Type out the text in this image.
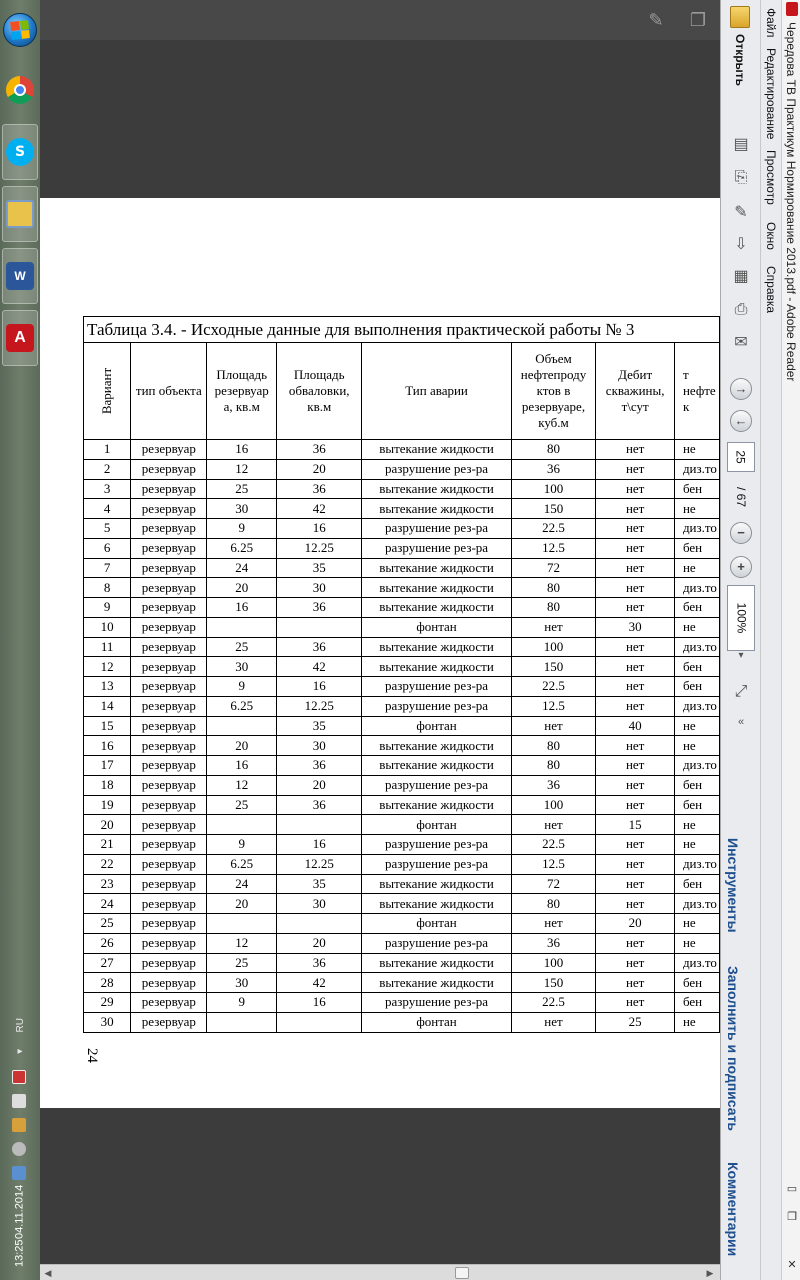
S
W
A
RU
▸
13:25
04.11.2014
✎ ❐
Таблица 3.4. - Исходные данные для выполнения практической работы № 3							
Вариант	тип объекта	Площадь резервуар а, кв.м	Площадь обваловки, кв.м	Тип аварии	Объем нефтепроду ктов в резервуаре, куб.м	Дебит скважины, т\сут	т нефте к
1	резервуар	16	36	вытекание жидкости	80	нет	не
2	резервуар	12	20	разрушение рез-ра	36	нет	диз.то
3	резервуар	25	36	вытекание жидкости	100	нет	бен
4	резервуар	30	42	вытекание жидкости	150	нет	не
5	резервуар	9	16	разрушение рез-ра	22.5	нет	диз.то
6	резервуар	6.25	12.25	разрушение рез-ра	12.5	нет	бен
7	резервуар	24	35	вытекание жидкости	72	нет	не
8	резервуар	20	30	вытекание жидкости	80	нет	диз.то
9	резервуар	16	36	вытекание жидкости	80	нет	бен
10	резервуар			фонтан	нет	30	не
11	резервуар	25	36	вытекание жидкости	100	нет	диз.то
12	резервуар	30	42	вытекание жидкости	150	нет	бен
13	резервуар	9	16	разрушение рез-ра	22.5	нет	бен
14	резервуар	6.25	12.25	разрушение рез-ра	12.5	нет	диз.то
15	резервуар		35	фонтан	нет	40	не
16	резервуар	20	30	вытекание жидкости	80	нет	не
17	резервуар	16	36	вытекание жидкости	80	нет	диз.то
18	резервуар	12	20	разрушение рез-ра	36	нет	бен
19	резервуар	25	36	вытекание жидкости	100	нет	бен
20	резервуар			фонтан	нет	15	не
21	резервуар	9	16	разрушение рез-ра	22.5	нет	не
22	резервуар	6.25	12.25	разрушение рез-ра	12.5	нет	диз.то
23	резервуар	24	35	вытекание жидкости	72	нет	бен
24	резервуар	20	30	вытекание жидкости	80	нет	диз.то
25	резервуар			фонтан	нет	20	не
26	резервуар	12	20	разрушение рез-ра	36	нет	не
27	резервуар	25	36	вытекание жидкости	100	нет	диз.то
28	резервуар	30	42	вытекание жидкости	150	нет	бен
29	резервуар	9	16	разрушение рез-ра	22.5	нет	бен
30	резервуар			фонтан	нет	25	не
24
◀	▶
Чередова ТВ Практикум Нормирование 2013.pdf - Adobe Reader
▭
❐
✕
Файл
Редактирование
Просмотр
Окно
Справка
Открыть
▤
⎘
✎
⇩
▦
⎙
✉
→
←
25
/ 67
−
+
100%
▾
⤢
«
Инструменты
Заполнить и подписать
Комментарии
